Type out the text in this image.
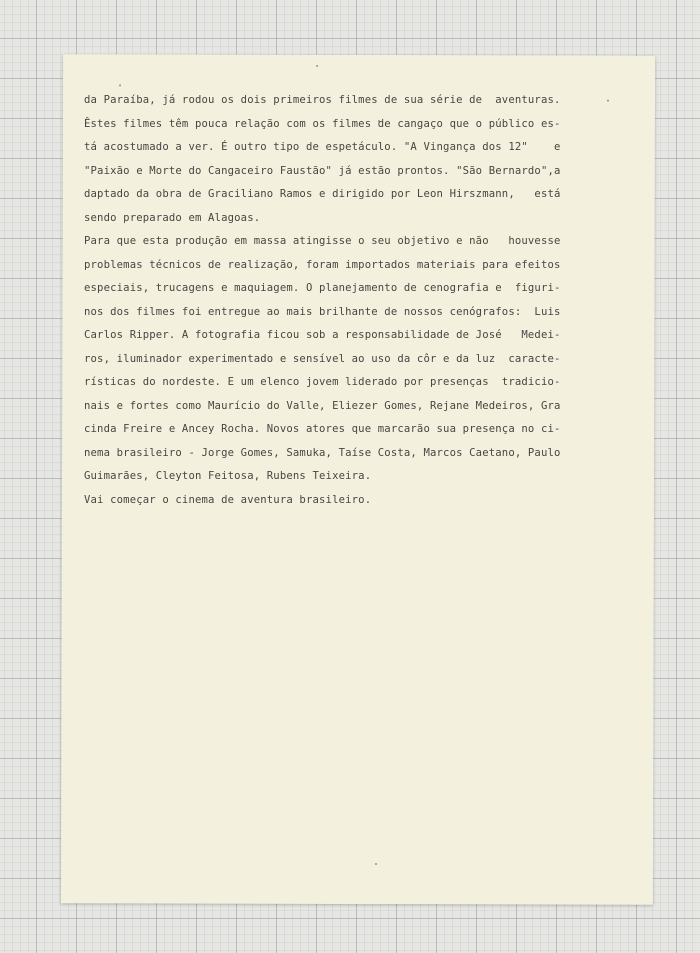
da Paraíba, já rodou os dois primeiros filmes de sua série de  aventuras.
Êstes filmes têm pouca relação com os filmes de cangaço que o público es-
tá acostumado a ver. É outro tipo de espetáculo. "A Vingança dos 12"    e
"Paixão e Morte do Cangaceiro Faustão" já estão prontos. "São Bernardo",a
daptado da obra de Graciliano Ramos e dirigido por Leon Hirszmann,   está
sendo preparado em Alagoas.
Para que esta produção em massa atingisse o seu objetivo e não   houvesse
problemas técnicos de realização, foram importados materiais para efeitos
especiais, trucagens e maquiagem. O planejamento de cenografia e  figuri-
nos dos filmes foi entregue ao mais brilhante de nossos cenógrafos:  Luis
Carlos Ripper. A fotografia ficou sob a responsabilidade de José   Medei-
ros, iluminador experimentado e sensível ao uso da côr e da luz  caracte-
rísticas do nordeste. E um elenco jovem liderado por presenças  tradicio-
nais e fortes como Maurício do Valle, Eliezer Gomes, Rejane Medeiros, Gra
cinda Freire e Ancey Rocha. Novos atores que marcarão sua presença no ci-
nema brasileiro - Jorge Gomes, Samuka, Taíse Costa, Marcos Caetano, Paulo
Guimarães, Cleyton Feitosa, Rubens Teixeira.
Vai começar o cinema de aventura brasileiro.
